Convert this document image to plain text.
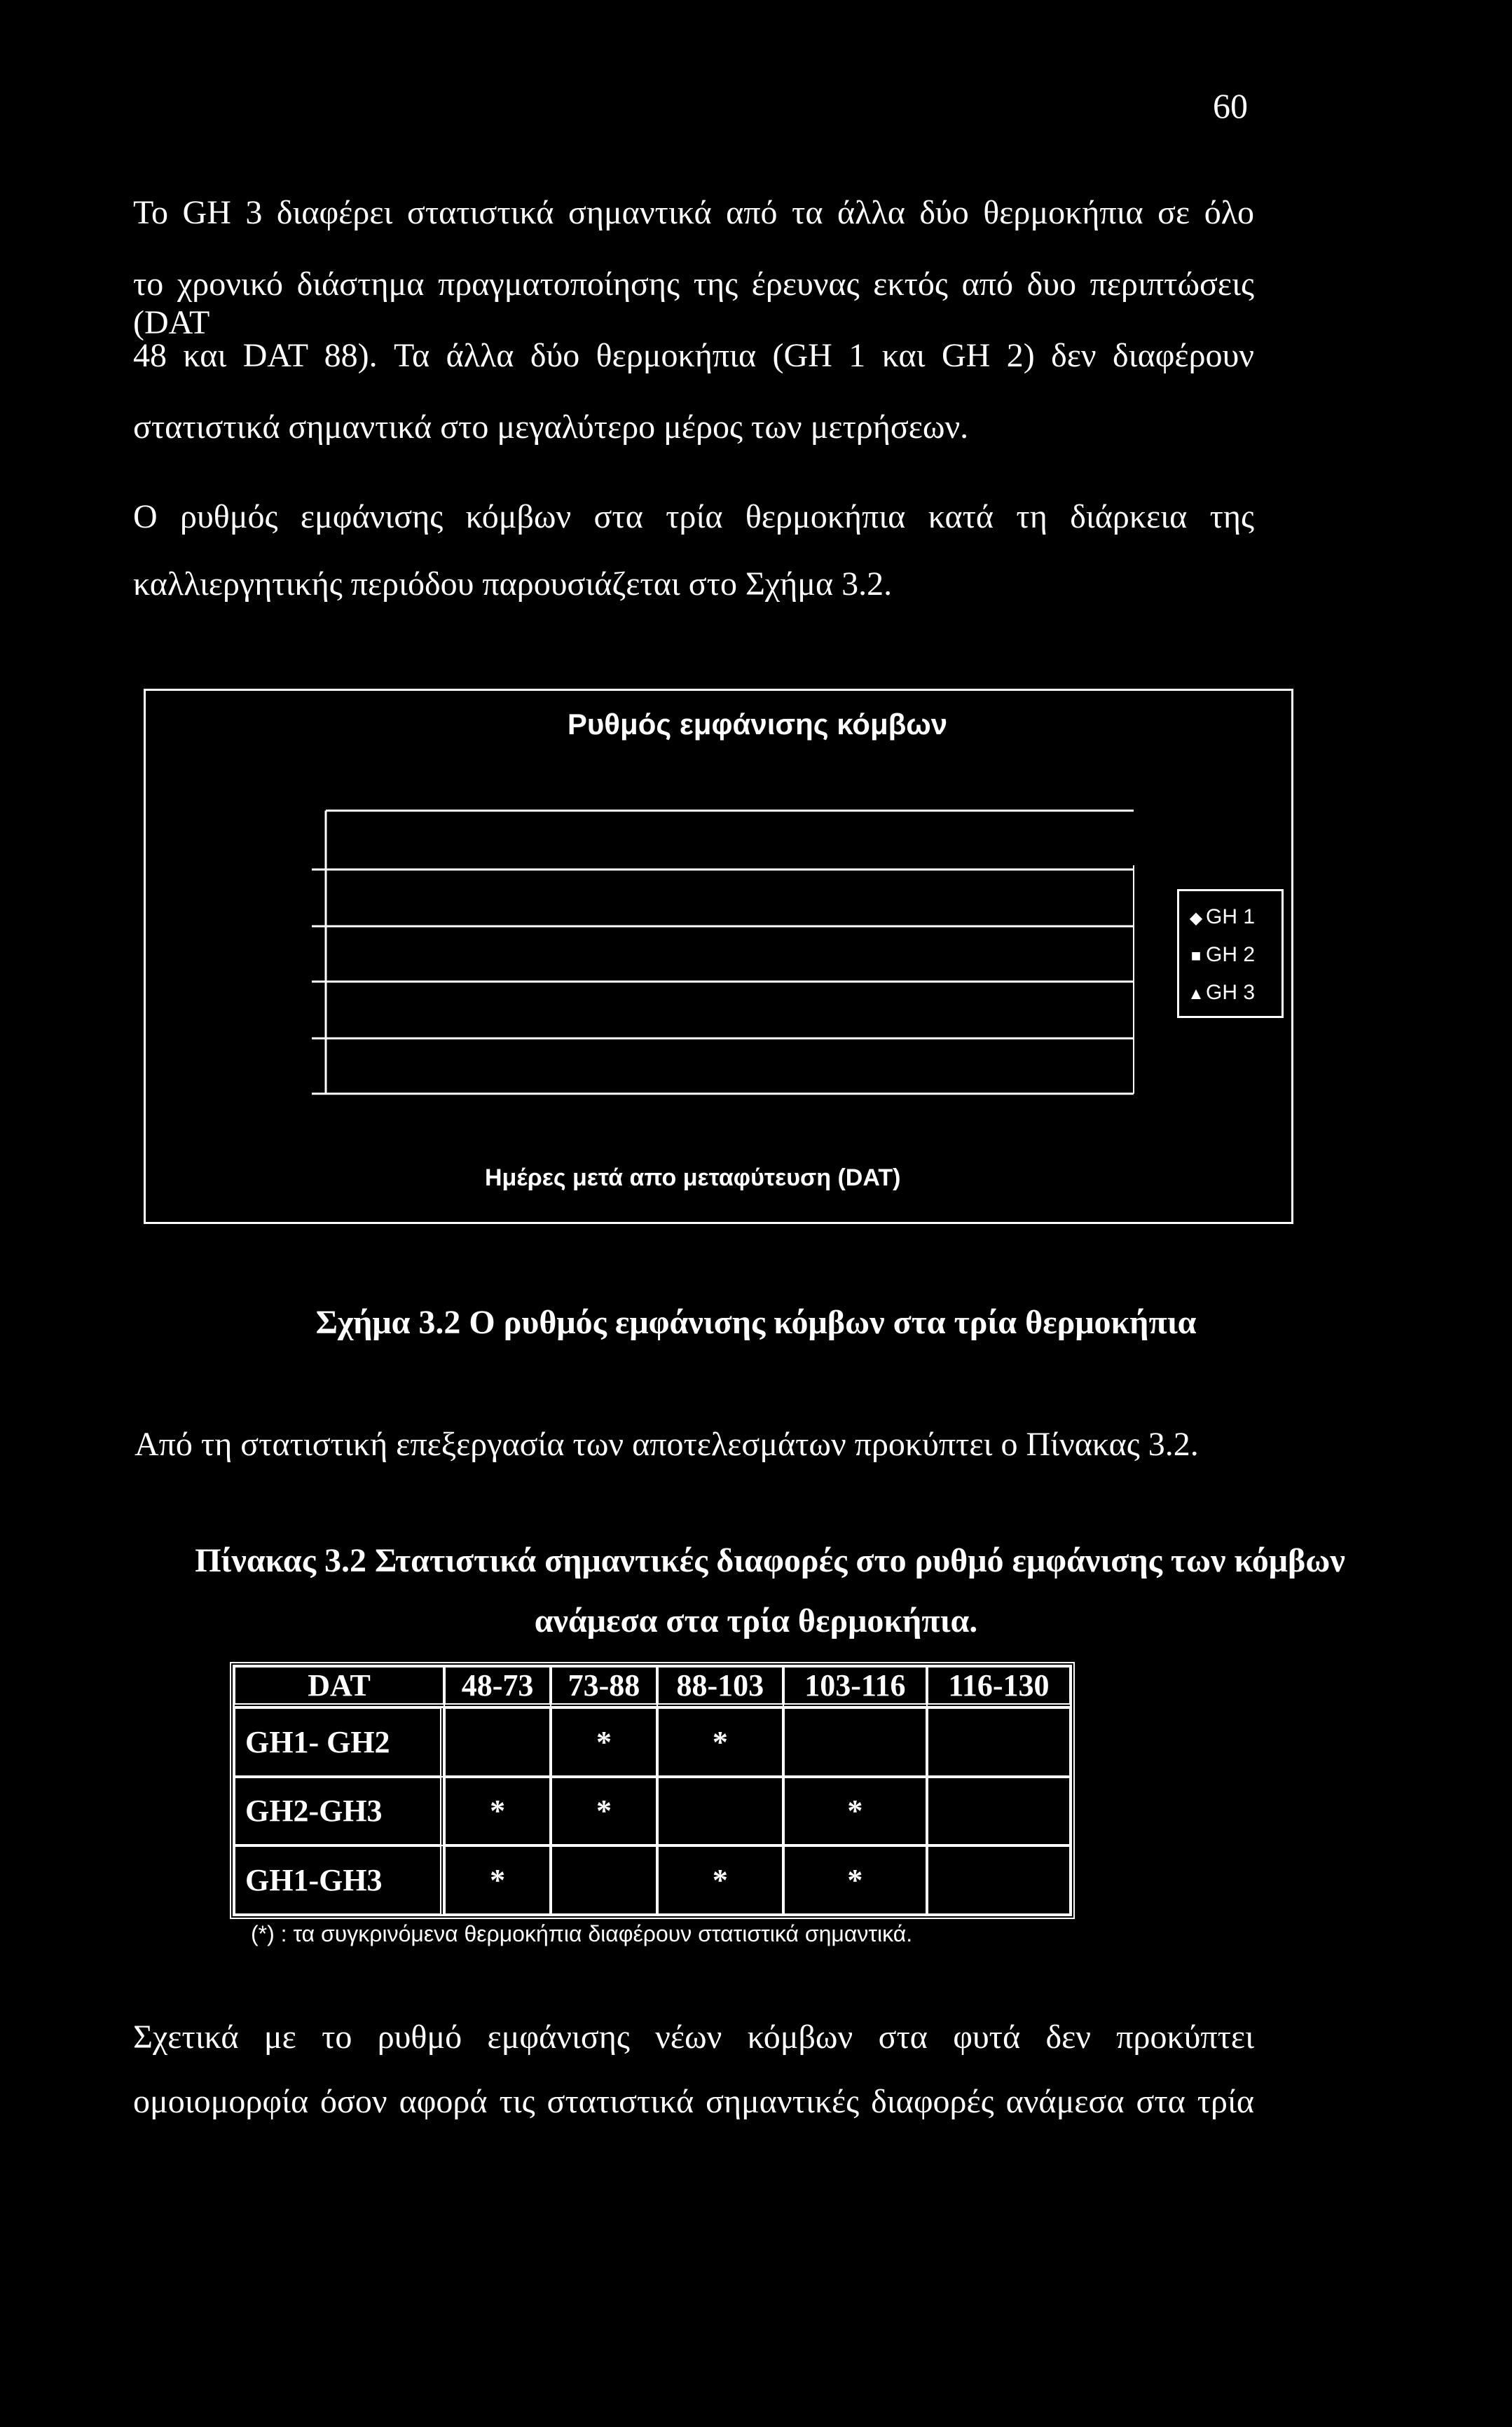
60
Το GH 3 διαφέρει στατιστικά σημαντικά από τα άλλα δύο θερμοκήπια σε όλο
το χρονικό διάστημα πραγματοποίησης της έρευνας εκτός από δυο περιπτώσεις (DAT
48 και DAT 88). Τα άλλα δύο θερμοκήπια (GH 1 και GH 2) δεν διαφέρουν
στατιστικά σημαντικά στο μεγαλύτερο μέρος των μετρήσεων.
Ο ρυθμός εμφάνισης κόμβων στα τρία θερμοκήπια κατά τη διάρκεια της
καλλιεργητικής περιόδου παρουσιάζεται στο Σχήμα 3.2.
Ρυθμός εμφάνισης κόμβων
◆ GH 1
■ GH 2
▲GH 3
Ημέρες μετά απο μεταφύτευση (DAT)
Σχήμα 3.2 Ο ρυθμός εμφάνισης κόμβων στα τρία θερμοκήπια
Από τη στατιστική επεξεργασία των αποτελεσμάτων προκύπτει ο Πίνακας 3.2.
Πίνακας 3.2 Στατιστικά σημαντικές διαφορές στο ρυθμό εμφάνισης των κόμβων
ανάμεσα στα τρία θερμοκήπια.
DAT	48-73	73-88	88-103	103-116	116-130
GH1- GH2		*	*		
GH2-GH3	*	*		*	
GH1-GH3	*		*	*	
(*) : τα συγκρινόμενα θερμοκήπια διαφέρουν στατιστικά σημαντικά.
Σχετικά με το ρυθμό εμφάνισης νέων κόμβων στα φυτά δεν προκύπτει
ομοιομορφία όσον αφορά τις στατιστικά σημαντικές διαφορές ανάμεσα στα τρία
